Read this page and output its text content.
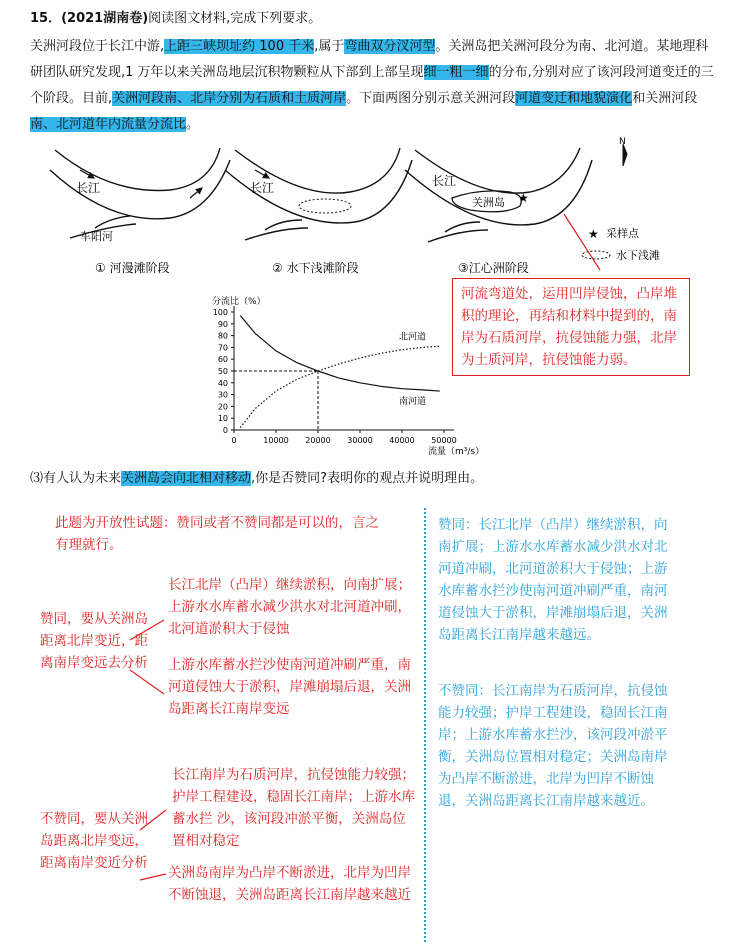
15．(2021湖南卷)阅读图文材料,完成下列要求。
关洲河段位于长江中游,上距三峡坝址约 100 千米,属于弯曲双分汊河型。关洲岛把关洲河段分为南、北河道。某地理科研团队研究发现,1 万年以来关洲岛地层沉积物颗粒从下部到上部呈现细一粗一细的分布,分别对应了该河段河道变迁的三个阶段。目前,关洲河段南、北岸分别为石质和土质河岸。下面两图分别示意关洲河段河道变迁和地貌演化和关洲河段南、北河道年内流量分流比。
长江
车阳河
① 河漫滩阶段
长江
② 水下浅滩阶段
关洲岛 ★
长江
③江心洲阶段
N
★ 采样点
水下浅滩
河流弯道处，运用凹岸侵蚀，凸岸堆积的理论，再结和材料中提到的，南岸为石质河岸，抗侵蚀能力强，北岸为土质河岸，抗侵蚀能力弱。
分流比（%）
流量（m³/s）
0
10
20
30
40
50
60
70
80
90
100
0	10000 20000 30000 40000 50000
北河道
南河道
⑶有人认为未来关洲岛会向北相对移动,你是否赞同?表明你的观点并说明理由。
此题为开放性试题：赞同或者不赞同都是可以的，言之有理就行。
赞同，要从关洲岛距离北岸变近，距离南岸变远去分析
长江北岸（凸岸）继续淤积，向南扩展；上游水水库蓄水减少洪水对北河道冲刷，北河道淤积大于侵蚀
上游水库蓄水拦沙使南河道冲刷严重，南河道侵蚀大于淤积，岸滩崩塌后退，关洲岛距离长江南岸变远
不赞同，要从关洲岛距离北岸变远，距离南岸变近分析
长江南岸为石质河岸，抗侵蚀能力较强；护岸工程建设，稳固长江南岸；上游水库蓄水拦 沙，该河段冲淤平衡，关洲岛位 置相对稳定
关洲岛南岸为凸岸不断淤进，北岸为凹岸不断蚀退，关洲岛距离长江南岸越来越近
赞同：长江北岸（凸岸）继续淤积，向南扩展；上游水水库蓄水减少洪水对北河道冲刷，北河道淤积大于侵蚀；上游水库蓄水拦沙使南河道冲刷严重，南河道侵蚀大于淤积，岸滩崩塌后退，关洲岛距离长江南岸越来越远。
不赞同：长江南岸为石质河岸，抗侵蚀能力较强；护岸工程建设，稳固长江南岸；上游水库蓄水拦沙，该河段冲淤平衡，关洲岛位置相对稳定；关洲岛南岸为凸岸不断淤进，北岸为凹岸不断蚀退，关洲岛距离长江南岸越来越近。
